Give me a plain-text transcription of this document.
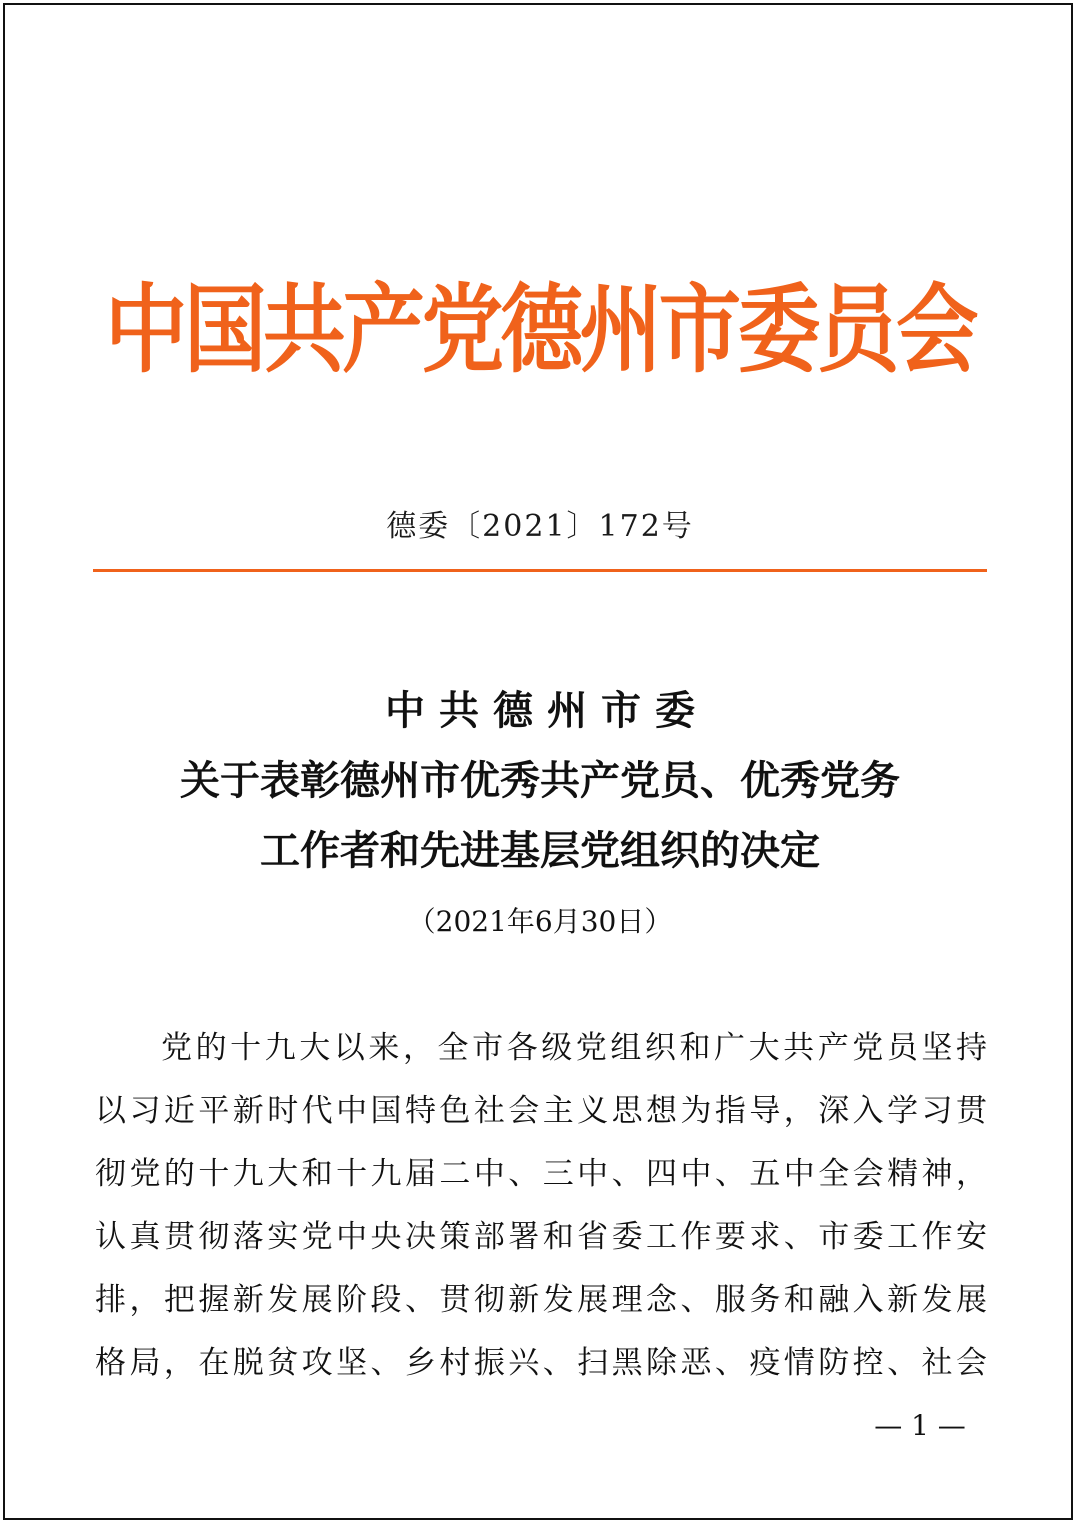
中国共产党德州市委员会
德委〔2021〕172号
中共德州市委
关于表彰德州市优秀共产党员、优秀党务
工作者和先进基层党组织的决定
（2021年6月30日）
党的十九大以来，全市各级党组织和广大共产党员坚持
以习近平新时代中国特色社会主义思想为指导，深入学习贯
彻党的十九大和十九届二中、三中、四中、五中全会精神，
认真贯彻落实党中央决策部署和省委工作要求、市委工作安
排，把握新发展阶段、贯彻新发展理念、服务和融入新发展
格局，在脱贫攻坚、乡村振兴、扫黑除恶、疫情防控、社会
— 1 —
